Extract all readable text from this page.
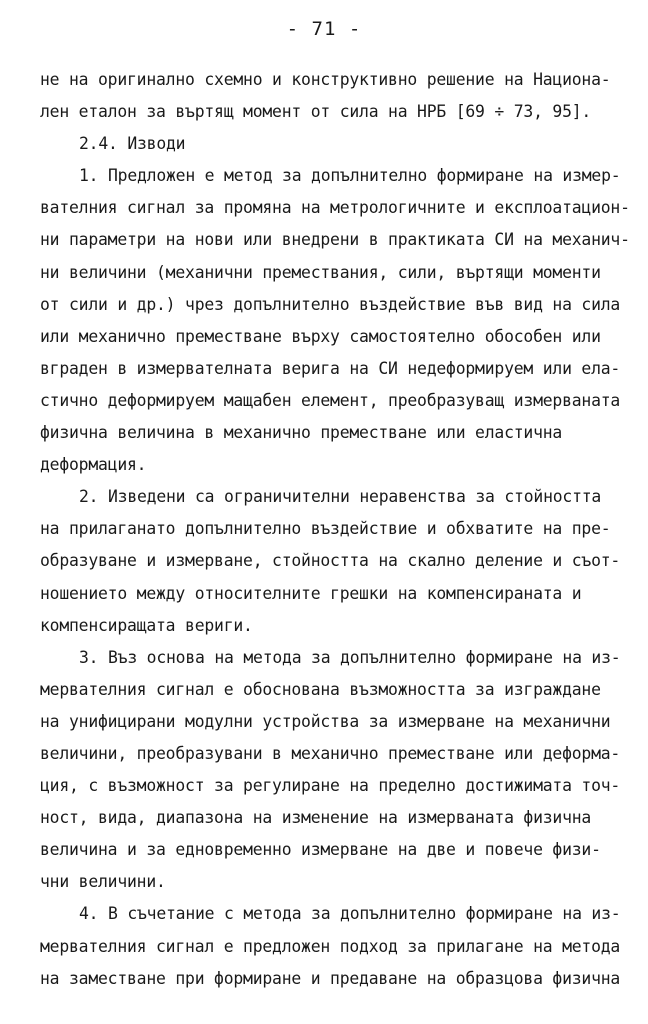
- 71 -
не на оригинално схемно и конструктивно решение на Национа-
лен еталон за въртящ момент от сила на НРБ [69 ÷ 73, 95].
2.4. Изводи
1. Предложен е метод за допълнително формиране на измер-
вателния сигнал за промяна на метрологичните и експлоатацион-
ни параметри на нови или внедрени в практиката СИ на механич-
ни величини (механични премествания, сили, въртящи моменти
от сили и др.) чрез допълнително въздействие във вид на сила
или механично преместване върху самостоятелно обособен или
вграден в измервателната верига на СИ недеформируем или ела-
стично деформируем мащабен елемент, преобразуващ измерваната
физична величина в механично преместване или еластична
деформация.
2. Изведени са ограничителни неравенства за стойността
на прилаганато допълнително въздействие и обхватите на пре-
образуване и измерване, стойността на скално деление и съот-
ношението между относителните грешки на компенсираната и
компенсиращата вериги.
3. Въз основа на метода за допълнително формиране на из-
мервателния сигнал е обоснована възможността за изграждане
на унифицирани модулни устройства за измерване на механични
величини, преобразувани в механично преместване или деформа-
ция, с възможност за регулиране на пределно достижимата точ-
ност, вида, диапазона на изменение на измерваната физична
величина и за едновременно измерване на две и повече физи-
чни величини.
4. В съчетание с метода за допълнително формиране на из-
мервателния сигнал е предложен подход за прилагане на метода
на заместване при формиране и предаване на образцова физична
